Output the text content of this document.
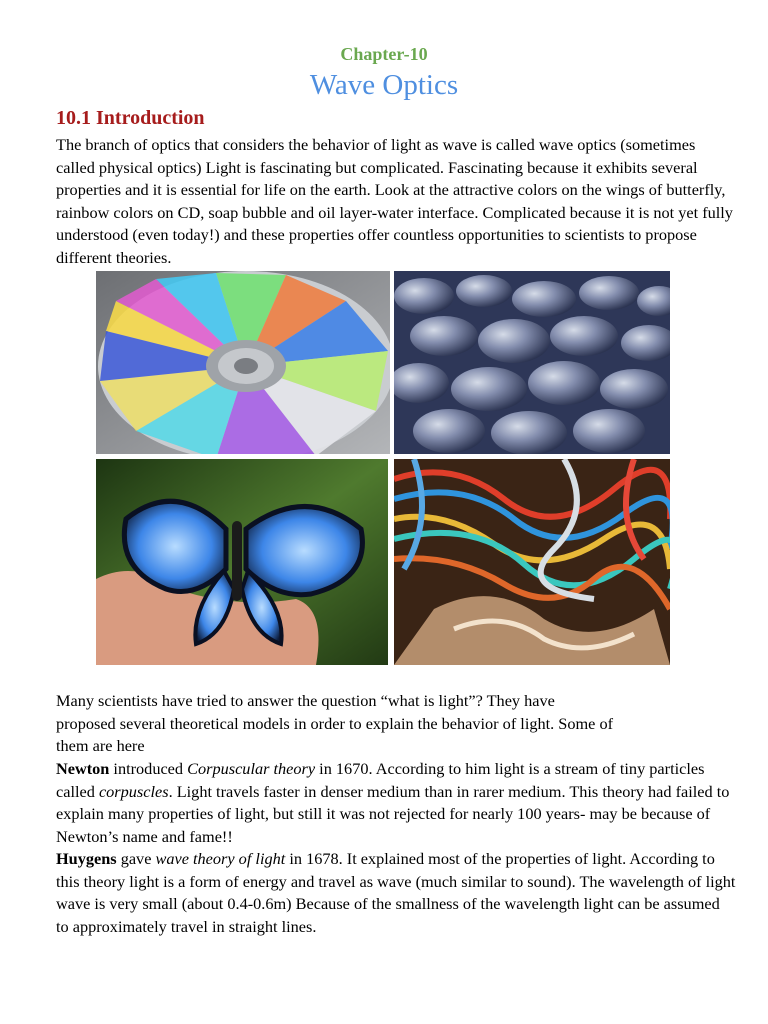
Chapter-10
Wave Optics
10.1 Introduction

The branch of optics that considers the behavior of light as wave is called wave optics (sometimes called physical optics) Light is fascinating but complicated. Fascinating because it exhibits several properties and it is essential for life on the earth. Look at the attractive colors on the wings of butterfly, rainbow colors on CD, soap bubble and oil layer-water interface. Complicated because it is not yet fully understood (even today!) and these properties offer countless opportunities to scientists to propose different theories.

Many scientists have tried to answer the question “what is light”? They have
proposed several theoretical models in order to explain the behavior of light. Some of
them are here

Newton introduced Corpuscular theory in 1670. According to him light is a stream of tiny particles called corpuscles. Light travels faster in denser medium than in rarer medium. This theory had failed to explain many properties of light, but still it was not rejected for nearly 100 years- may be because of Newton’s name and fame!!

Huygens gave wave theory of light in 1678. It explained most of the properties of light. According to this theory light is a form of energy and travel as wave (much similar to sound). The wavelength of light wave is very small (about 0.4-0.6m) Because of the smallness of the wavelength light can be assumed to approximately travel in straight lines.
